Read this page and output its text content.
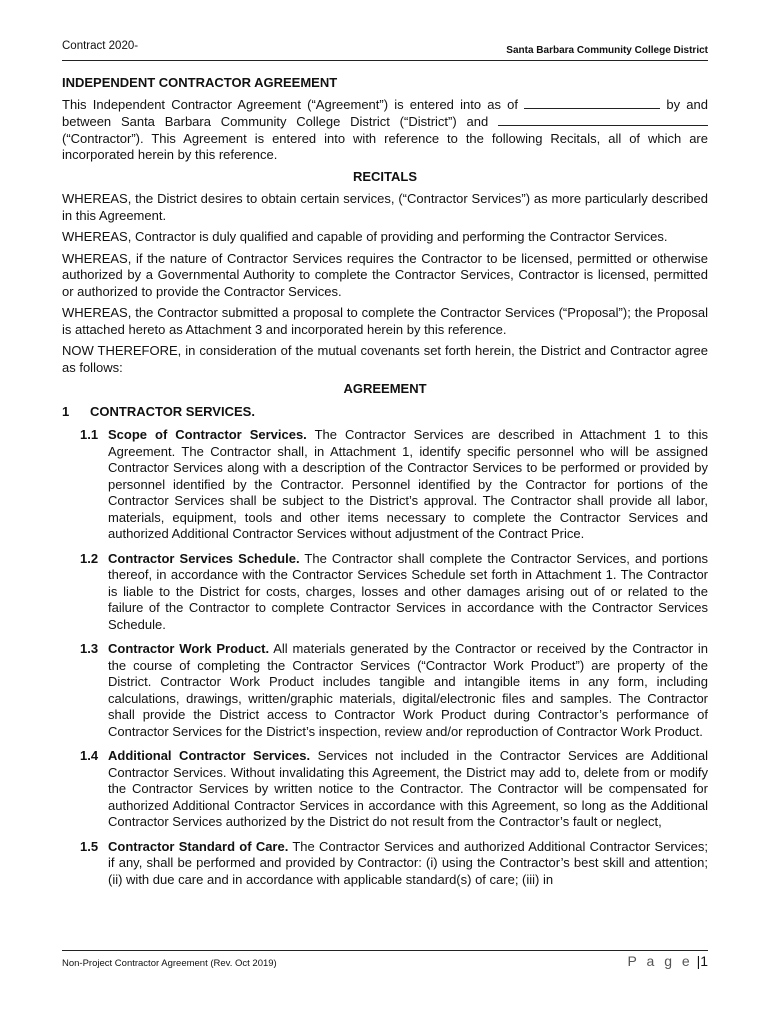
Contract 2020-	Santa Barbara Community College District

INDEPENDENT CONTRACTOR AGREEMENT

This Independent Contractor Agreement (“Agreement”) is entered into as of	by and between Santa Barbara Community College District (“District”) and  (“Contractor”). This Agreement is entered into with reference to the following Recitals, all of which are incorporated herein by this reference.

RECITALS

WHEREAS, the District desires to obtain certain services, (“Contractor Services”) as more particularly described in this Agreement.

WHEREAS, Contractor is duly qualified and capable of providing and performing the Contractor Services.

WHEREAS, if the nature of Contractor Services requires the Contractor to be licensed, permitted or otherwise authorized by a Governmental Authority to complete the Contractor Services, Contractor is licensed, permitted or authorized to provide the Contractor Services.

WHEREAS, the Contractor submitted a proposal to complete the Contractor Services (“Proposal”); the Proposal is attached hereto as Attachment 3 and incorporated herein by this reference.

NOW THEREFORE, in consideration of the mutual covenants set forth herein, the District and Contractor agree as follows:

AGREEMENT

1	CONTRACTOR SERVICES.
1.1 Scope of Contractor Services. The Contractor Services are described in Attachment 1 to this Agreement. The Contractor shall, in Attachment 1, identify specific personnel who will be assigned Contractor Services along with a description of the Contractor Services to be performed or provided by personnel identified by the Contractor. Personnel identified by the Contractor for portions of the Contractor Services shall be subject to the District’s approval. The Contractor shall provide all labor, materials, equipment, tools and other items necessary to complete the Contractor Services and authorized Additional Contractor Services without adjustment of the Contract Price.
1.2 Contractor Services Schedule. The Contractor shall complete the Contractor Services, and portions thereof, in accordance with the Contractor Services Schedule set forth in Attachment 1. The Contractor is liable to the District for costs, charges, losses and other damages arising out of or related to the failure of the Contractor to complete Contractor Services in accordance with the Contractor Services Schedule.
1.3 Contractor Work Product. All materials generated by the Contractor or received by the Contractor in the course of completing the Contractor Services (“Contractor Work Product”) are property of the District. Contractor Work Product includes tangible and intangible items in any form, including calculations, drawings, written/graphic materials, digital/electronic files and samples. The Contractor shall provide the District access to Contractor Work Product during Contractor’s performance of Contractor Services for the District’s inspection, review and/or reproduction of Contractor Work Product.
1.4 Additional Contractor Services. Services not included in the Contractor Services are Additional Contractor Services. Without invalidating this Agreement, the District may add to, delete from or modify the Contractor Services by written notice to the Contractor. The Contractor will be compensated for authorized Additional Contractor Services in accordance with this Agreement, so long as the Additional Contractor Services authorized by the District do not result from the Contractor’s fault or neglect,
1.5 Contractor Standard of Care. The Contractor Services and authorized Additional Contractor Services; if any, shall be performed and provided by Contractor: (i) using the Contractor’s best skill and attention; (ii) with due care and in accordance with applicable standard(s) of care; (iii) in
Non-Project Contractor Agreement (Rev. Oct 2019)	P a g e |1
